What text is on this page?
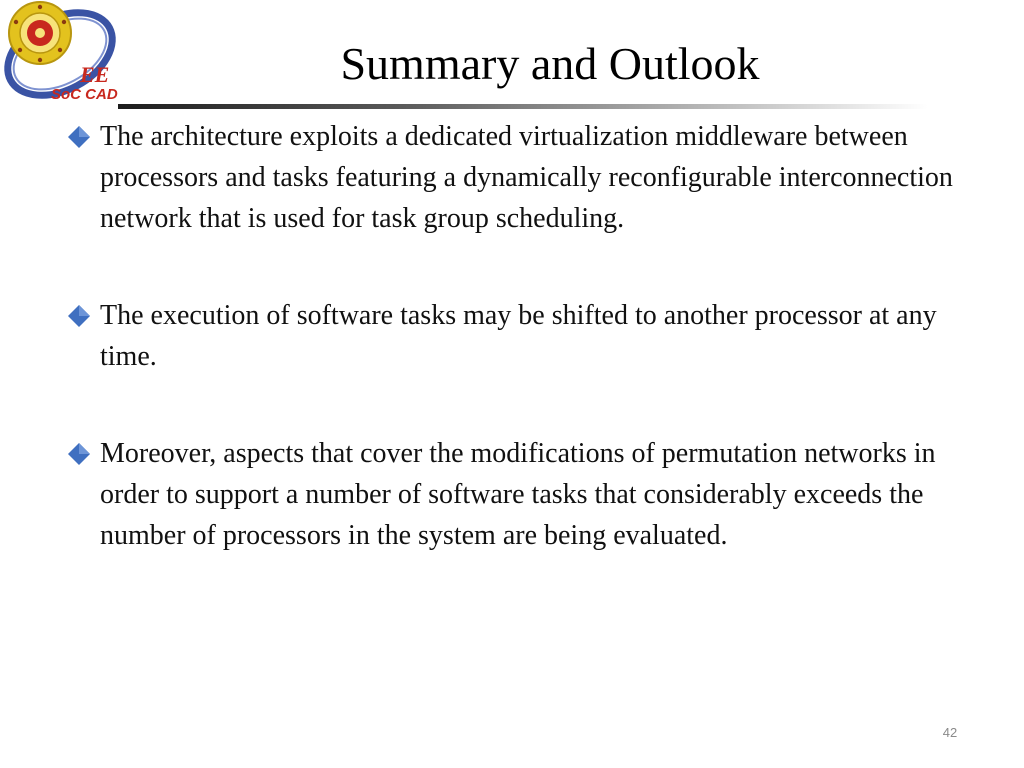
EE
SoC CAD
Summary and Outlook
The architecture exploits a dedicated virtualization middleware between processors and tasks featuring a dynamically reconfigurable interconnection network that is used for task group scheduling.
The execution of software tasks may be shifted to another processor at any time.
Moreover, aspects that cover the modifications of permutation networks in order to support a number of software tasks that considerably exceeds the number of processors in the system are being evaluated.
42
